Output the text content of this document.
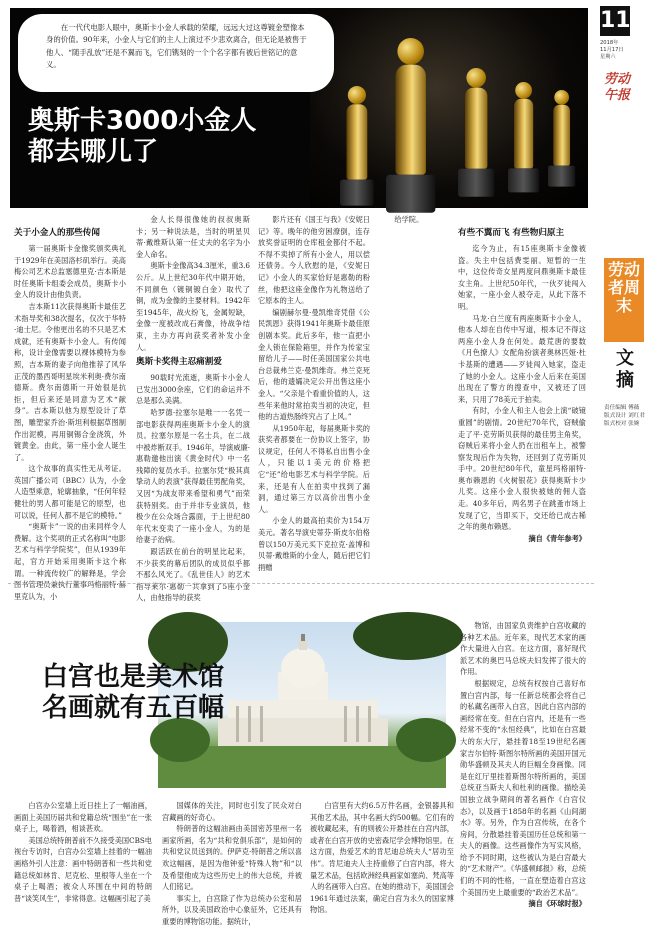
在一代代电影人眼中，奥斯卡小金人承载的荣耀，远远大过这尊镀金塑像本身的价值。90年来，小金人与它们的主人上演过不少悲欢离合，但无论是被售于他人、“随手乱放”还是不翼而飞，它们镌刻的一个个名字都有被后世铭记的意义。
奥斯卡3000小金人
都去哪儿了
11
2018年
11月17日
星期六
劳动午报
劳动者周末
文摘
责任编辑 傅薇
版式设计 刘红君
版式校对 张婉
关于小金人的那些传闻

第一届奥斯卡金像奖颁奖典礼于1929年在美国洛杉矶举行。美高梅公司艺术总监塞德里克·吉本斯是时任奥斯卡组委会成员，奥斯卡小金人的设计由他负责。

吉本斯11次获得奥斯卡最佳艺术指导奖和38次提名，仅次于华特·迪士尼。令他更出名的不只是艺术成就，还有奥斯卡小金人。有传闻称，设计金像需要以裸体模特为参照，吉本斯的妻子向他推荐了风华正茂的墨西哥明星埃米利奥·费尔南德斯。费尔南德斯一开始很是抗拒，但后来还是同意为艺术“献身”。吉本斯以他为原型设计了草图，雕塑家乔治·斯坦利根据草图制作出泥模，再用铜锡合金浇筑，外镀黄金。由此，第一座小金人诞生了。

这个故事的真实性无从考证。英国广播公司（BBC）认为，小金人造型乘意，轮廓抽象，“任何年轻健壮的男人都可能是它的原型，也可以说，任何人都不是它的模特。”

“奥斯卡”一说的由来同样令人费解。这个奖项的正式名称叫“电影艺术与科学学院奖”，但从1939年起，官方开始采用奥斯卡这个称谓。一种流传较广的解释是，学会图书管理员兼执行董事玛格丽特·赫里克认为，小

金人长得很像她的叔叔奥斯卡；另一种说法是，当时的明星贝蒂·戴维斯认第一任丈夫的名字为小金人命名。

奥斯卡金像高34.3厘米，重3.6公斤。从上世纪30年代中期开始，不同颜色（镀铜镀白金）取代了铜，成为金像的主要材料。1942年至1945年，战火纷飞，金属短缺，金像一度被改成石膏像，待战争结束，主办方再向获奖者补发小金人。

奥斯卡奖得主忍痛割爱

90载时光流逝，奥斯卡小金人已发出3000余座，它们的命运并不总是那么美满。

哈罗德·拉塞尔是唯一一名凭一部电影获得两座奥斯卡小金人的演员。拉塞尔原是一名士兵，在二战中被炸断双手。1946年，导演威廉·惠勒邀他出演《黄金时代》中一名残障的复员水手。拉塞尔凭“极其真挚动人的表演”获得最佳男配角奖，又因“为战友带来希望和勇气”而荣获特别奖。由于并非专业演员，他极少在公众场合露面，于上世纪80年代末变卖了一座小金人，为的是给妻子治病。

跟活跃在前台的明星比起来，不少获奖的幕后团队的成员似乎都不那么风光了。《乱世佳人》的艺术指导莱尔·惠勒一共拿到了5座小金人，由他指导的获奖

影片还有《国王与我》《安妮日记》等。晚年的他穷困潦倒，连存放奖誉证明的仓库租金都付不起。不得不卖掉了所有小金人，用以偿还债务。今人欣慰的是，《安妮日记》小金人的买家恰好是惠勒的粉丝，他把这座金像作为礼物送给了它原本的主人。

编剧赫尔曼·曼凯维奇凭借《公民凯恩》获得1941年奥斯卡最佳原创剧本奖。此后多年，他一直把小金人锁在保险箱里，并作为传家宝留给儿子——时任美国国家公共电台总裁弗兰克·曼凯维奇。弗兰克死后，他的遗孀决定公开出售这座小金人。“父亲是个看重价值的人，这些年来他时常拍卖当初的决定，但他的古道热肠终究占了上风。”

从1950年起，每届奥斯卡奖的获奖者都要在一份协议上签字，协议规定，任何人不得私自出售小金人，只能以1美元的价格把它“还”给电影艺术与科学学院。后来，还是有人在拍卖中找到了漏洞，通过第三方以高价出售小金人。

小金人的最高拍卖价为154万美元。著名导演史蒂芬·斯皮尔伯格曾以150万美元买下克拉克·盖博和贝蒂·戴维斯的小金人，随后把它们捐赠

给学院。

有些不翼而飞 有些物归原主

迄今为止，有15座奥斯卡金像被盗。失主中包括费雯丽。短暂的一生中，这位传奇女星两度问鼎奥斯卡最佳女主角。上世纪50年代，一伙歹徒闯入她家，一座小金人被夺走，从此下落不明。

马龙·白兰度有两座奥斯卡小金人，他本人却在自传中写道，根本记不得这两座小金人身在何处。最荒唐的要数《月色撩人》女配角扮演者奥林匹娅·杜卡基斯的遭遇——歹徒闯入她家，盗走了她的小金人。这座小金人后来在美国出现在了警方的搜查中，又被还了回来，只用了78美元于拍卖。

有时，小金人和主人也会上演“破镜重圆”的剧情。20世纪70年代，窃贼偷走了平·克劳斯贝获得的最佳男主角奖，窃贼后来将小金人扔在出租车上，被警察发现后作为失物，还回到了克劳斯贝手中。20世纪80年代，童星玛格丽特·奥布赖恩的《火树银花》获得奥斯卡少儿奖。这座小金人很快被她的佣人盗走。40多年后，两名男子在跳蚤市场上发现了它，当即买下，交还给已成古稀之年的奥布赖恩。

摘自《青年参考》

白宫也是美术馆
名画就有五百幅

白宫办公室墙上近日挂上了一幅油画，画面上美国历届共和党籍总统“围坐”在一张桌子上，喝着酒，相谈甚欢。

美国总统特朗普前不久接受美国CBS电视台专访时，白宫办公室墙上挂着的一幅油画格外引人注意：画中特朗普和一些共和党籍总统如林肯、尼克松、里根等人坐在一个桌子上喝酒；被众人环围在中间的特朗普“谈笑风生”，非常得意。这幅画引起了美

国媒体的关注，同时也引发了民众对白宫藏画的好奇心。

特朗普的这幅油画由美国密苏里州一名画家所画，名为“共和党俱乐部”，是如何的共和党议员送到的。伊萨克·特朗普之所以喜欢这幅画，是因为他钟爱“特殊人物”和“以及希望他成为这些历史上的伟大总统，并被人们铭记。

事实上，白宫除了作为总统办公室和居所外，以及美国政治中心象征外，它还具有重要的博物馆功能。据统计，

白宫里有大约6.5万件名画，金银器具和其他艺术品，其中名画大约500幅。它们有的被收藏起来，有的则被公开悬挂在白宫内部，或者在白宫开放的史密森尼学会博物馆里。在这方面，热爱艺术的肯尼迪总统夫人“居功至伟”。肯尼迪夫人主持重修了白宫内部，将大量艺术品，包括欧洲经典画家如塞尚、梵高等人的名画带入白宫。在她的推动下，美国国会1961年通过法案，确定白宫为永久的国家博物馆。

物馆，由国家负责维护白宫收藏的各种艺术品。近年来，现代艺术家的画作大量进入白宫。在这方面，喜好现代派艺术的奥巴马总统夫妇发挥了很大的作用。

根据规定，总统有权按自己喜好布置白宫内部，每一任新总统都会将自己的私藏名画带入白宫，因此白宫内部的画经常在变。但在白宫内，还是有一些经常不变的“永恒经典”，比如在白宫最大的东大厅，悬挂着18至19世纪名画家吉尔伯特·斯图尔特所画的美国开国元勋华盛顿及其夫人的巨幅全身画像。同是在红厅里挂着斯图尔特所画的，美国总统亚当斯夫人和杜利的画像。描绘美国独立战争期间的著名画作《白宫仪态》，以及画于1858年的名画《山间湖水》等。另外，作为白宫传统，在各个房间，分散悬挂着美国历任总统和第一夫人的画像。这些画像作为写实风格，给予不同时期，这些被认为是白宫最大的“艺术财产”。《华盛顿邮报》称，总统们的不同的性格，一直在塑造着白宫这个美国历史上最重要的“政治艺术品”。

摘自《环球时报》
